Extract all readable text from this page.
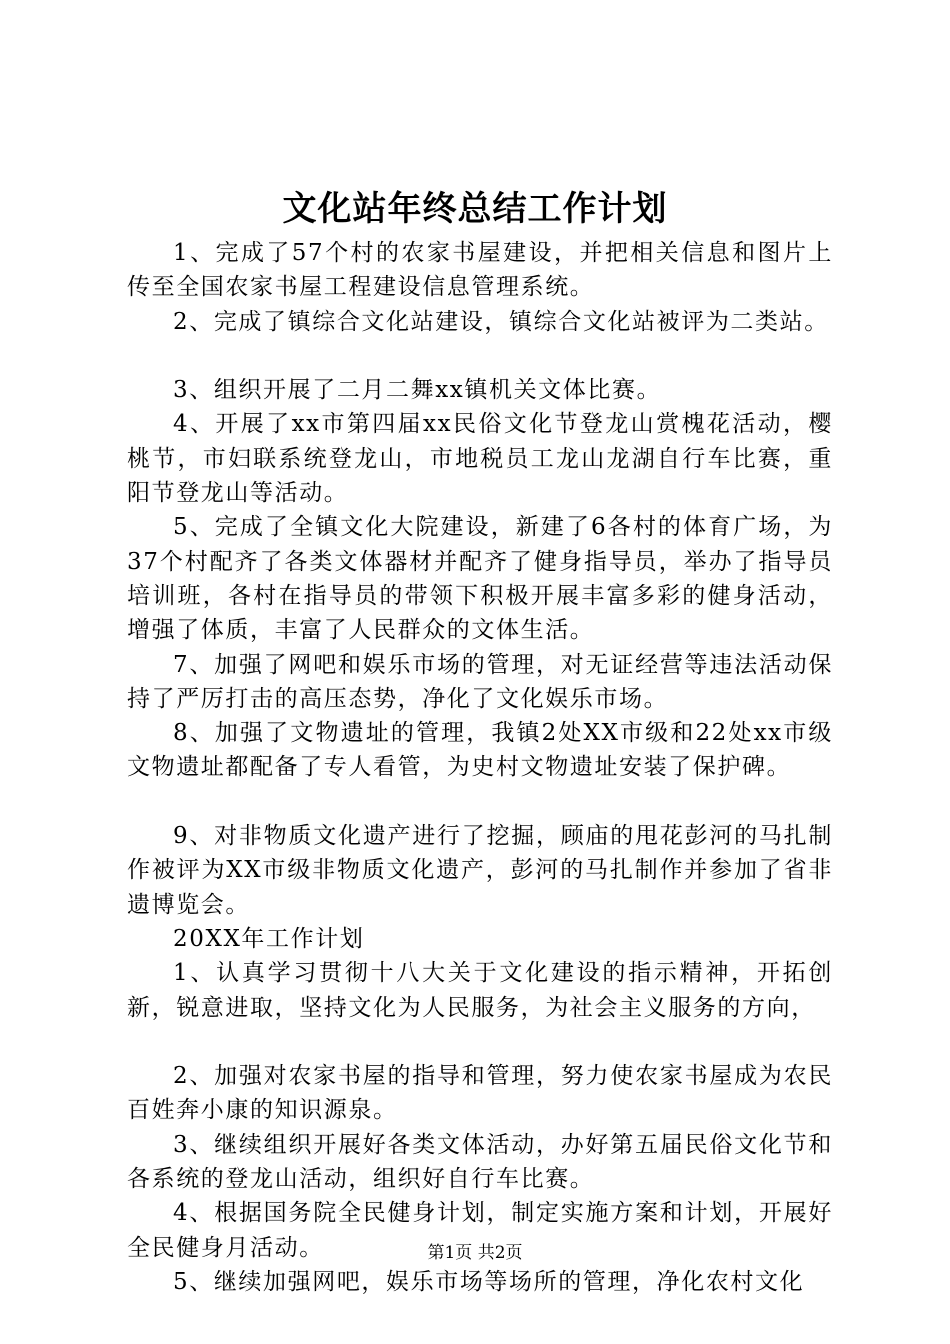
文化站年终总结工作计划

1、完成了57个村的农家书屋建设，并把相关信息和图片上传至全国农家书屋工程建设信息管理系统。

2、完成了镇综合文化站建设，镇综合文化站被评为二类站。

3、组织开展了二月二舞xx镇机关文体比赛。

4、开展了xx市第四届xx民俗文化节登龙山赏槐花活动，樱桃节，市妇联系统登龙山，市地税员工龙山龙湖自行车比赛，重阳节登龙山等活动。

5、完成了全镇文化大院建设，新建了6各村的体育广场，为37个村配齐了各类文体器材并配齐了健身指导员，举办了指导员培训班，各村在指导员的带领下积极开展丰富多彩的健身活动，增强了体质，丰富了人民群众的文体生活。

7、加强了网吧和娱乐市场的管理，对无证经营等违法活动保持了严厉打击的高压态势，净化了文化娱乐市场。

8、加强了文物遗址的管理，我镇2处XX市级和22处xx市级文物遗址都配备了专人看管，为史村文物遗址安装了保护碑。

9、对非物质文化遗产进行了挖掘，顾庙的甩花彭河的马扎制作被评为XX市级非物质文化遗产，彭河的马扎制作并参加了省非遗博览会。

20XX年工作计划

1、认真学习贯彻十八大关于文化建设的指示精神，开拓创新，锐意进取，坚持文化为人民服务，为社会主义服务的方向，

2、加强对农家书屋的指导和管理，努力使农家书屋成为农民百姓奔小康的知识源泉。

3、继续组织开展好各类文体活动，办好第五届民俗文化节和各系统的登龙山活动，组织好自行车比赛。

4、根据国务院全民健身计划，制定实施方案和计划，开展好全民健身月活动。

5、继续加强网吧，娱乐市场等场所的管理，净化农村文化

第1页 共2页
